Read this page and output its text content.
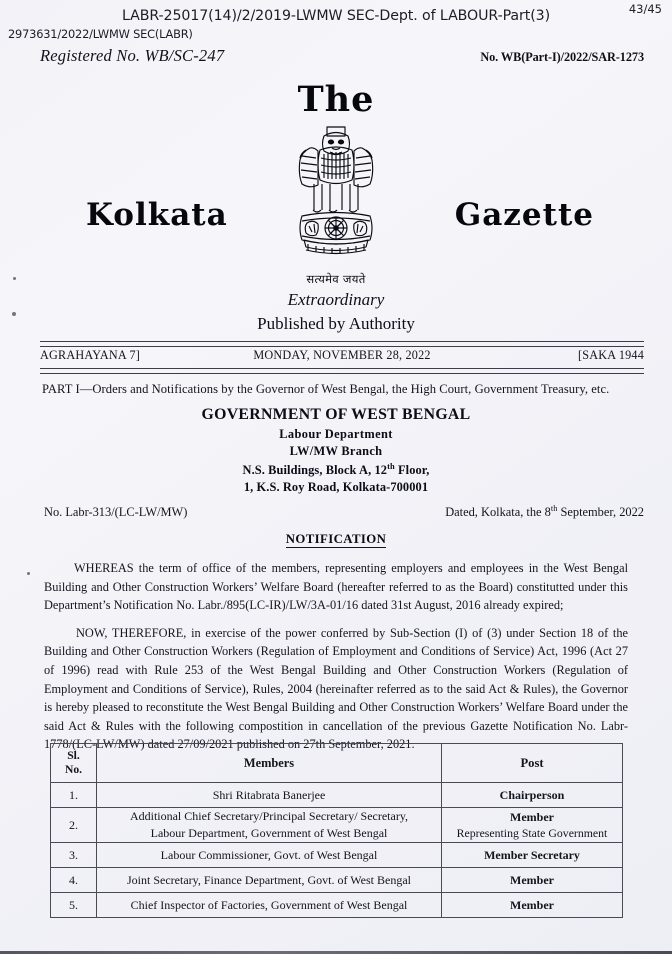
LABR-25017(14)/2/2019-LWMW SEC-Dept. of LABOUR-Part(3)
2973631/2022/LWMW SEC(LABR)
43/45
Registered No. WB/SC-247	No. WB(Part-I)/2022/SAR-1273
The
Kolkata	Gazette
सत्यमेव जयते
Extraordinary
Published by Authority
AGRAHAYANA 7]	MONDAY, NOVEMBER 28, 2022	[SAKA 1944
PART I—Orders and Notifications by the Governor of West Bengal, the High Court, Government Treasury, etc.
GOVERNMENT OF WEST BENGAL
Labour Department
LW/MW Branch
N.S. Buildings, Block A, 12th Floor,
1, K.S. Roy Road, Kolkata-700001
No. Labr-313/(LC-LW/MW)	Dated, Kolkata, the 8th September, 2022
NOTIFICATION

WHEREAS the term of office of the members, representing employers and employees in the West Bengal Building and Other Construction Workers’ Welfare Board (hereafter referred to as the Board) constitutted under this Department’s Notification No. Labr./895(LC-IR)/LW/3A-01/16 dated 31st August, 2016 already expired;

NOW, THEREFORE, in exercise of the power conferred by Sub-Section (I) of (3) under Section 18 of the Building and Other Construction Workers (Regulation of Employment and Conditions of Service) Act, 1996 (Act 27 of 1996) read with Rule 253 of the West Bengal Building and Other Construction Workers (Regulation of Employment and Conditions of Service), Rules, 2004 (hereinafter referred as to the said Act & Rules), the Governor is hereby pleased to reconstitute the West Bengal Building and Other Construction Workers’ Welfare Board under the said Act & Rules with the following compostition in cancellation of the previous Gazette Notification No. Labr-1778/(LC-LW/MW) dated 27/09/2021 published on 27th September, 2021.

Sl.
No.	Members	Post
1.	Shri Ritabrata Banerjee	Chairperson

2.	Additional Chief Secretary/Principal Secretary/ Secretary,
Labour Department, Government of West Bengal	Member
Representing State Government

3.	Labour Commissioner, Govt. of West Bengal	Member Secretary

4.	Joint Secretary, Finance Department, Govt. of West Bengal	Member

5.	Chief Inspector of Factories, Government of West Bengal	Member
